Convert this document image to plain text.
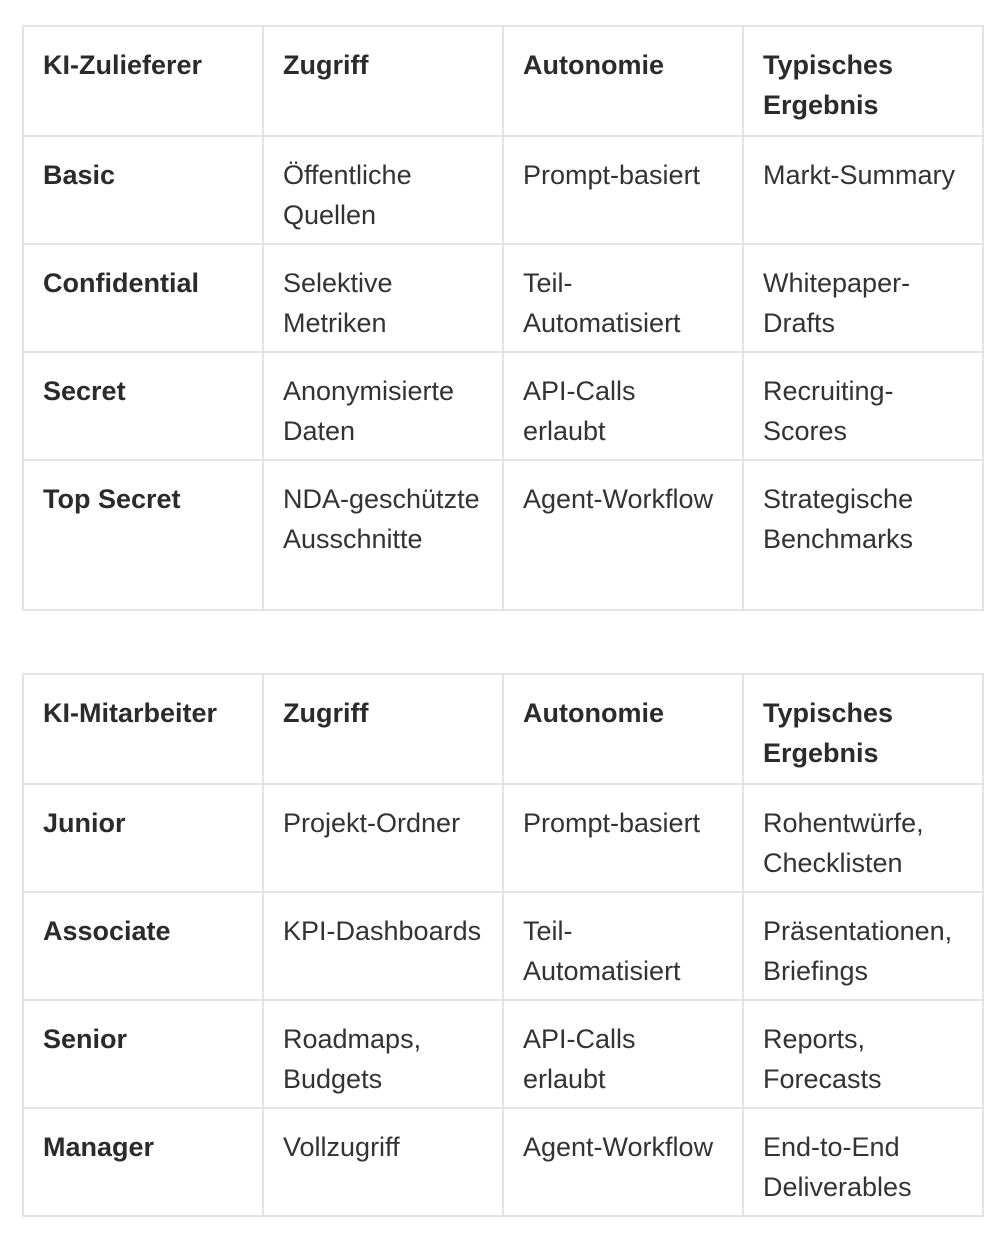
KI-Zulieferer	Zugriff	Autonomie	Typisches Ergebnis
Basic	Öffentliche Quellen	Prompt-basiert	Markt-Summary
Confidential	Selektive Metriken	Teil-Automatisiert	Whitepaper-Drafts
Secret	Anonymisierte Daten	API-Calls erlaubt	Recruiting-Scores
Top Secret	NDA-geschützte Ausschnitte	Agent-Workflow	Strategische Benchmarks
KI-Mitarbeiter	Zugriff	Autonomie	Typisches Ergebnis
Junior	Projekt-Ordner	Prompt-basiert	Rohentwürfe, Checklisten
Associate	KPI-Dashboards	Teil-Automatisiert	Präsentationen, Briefings
Senior	Roadmaps, Budgets	API-Calls erlaubt	Reports, Forecasts
Manager	Vollzugriff	Agent-Workflow	End-to-End Deliverables
